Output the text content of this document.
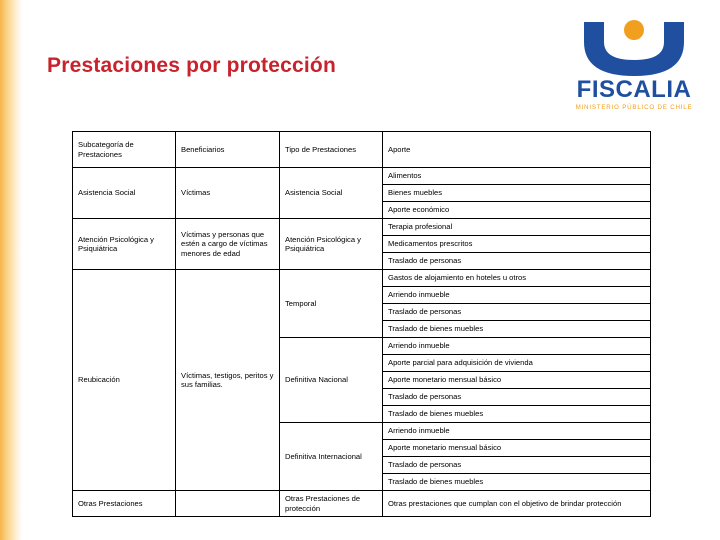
Prestaciones por protección
FISCALIA
MINISTERIO PÚBLICO DE CHILE
Subcategoría de Prestaciones	Beneficiarios	Tipo de Prestaciones	Aporte
Asistencia Social	Víctimas	Asistencia Social	Alimentos
			Bienes muebles
			Aporte económico
Atención Psicológica y Psiquiátrica	Víctimas y personas que estén a cargo de víctimas menores de edad	Atención Psicológica y Psiquiátrica	Terapia profesional
			Medicamentos prescritos
			Traslado de personas
Reubicación	Víctimas, testigos, peritos y sus familias.	Temporal	Gastos de alojamiento en hoteles u otros
			Arriendo inmueble
			Traslado de personas
			Traslado de bienes muebles
		Definitiva Nacional	Arriendo inmueble
			Aporte parcial para adquisición de vivienda
			Aporte monetario mensual básico
			Traslado de personas
			Traslado de bienes muebles
		Definitiva Internacional	Arriendo inmueble
			Aporte monetario mensual básico
			Traslado de personas
			Traslado de bienes muebles
Otras Prestaciones		Otras Prestaciones de protección	Otras prestaciones que cumplan con el objetivo de brindar protección
